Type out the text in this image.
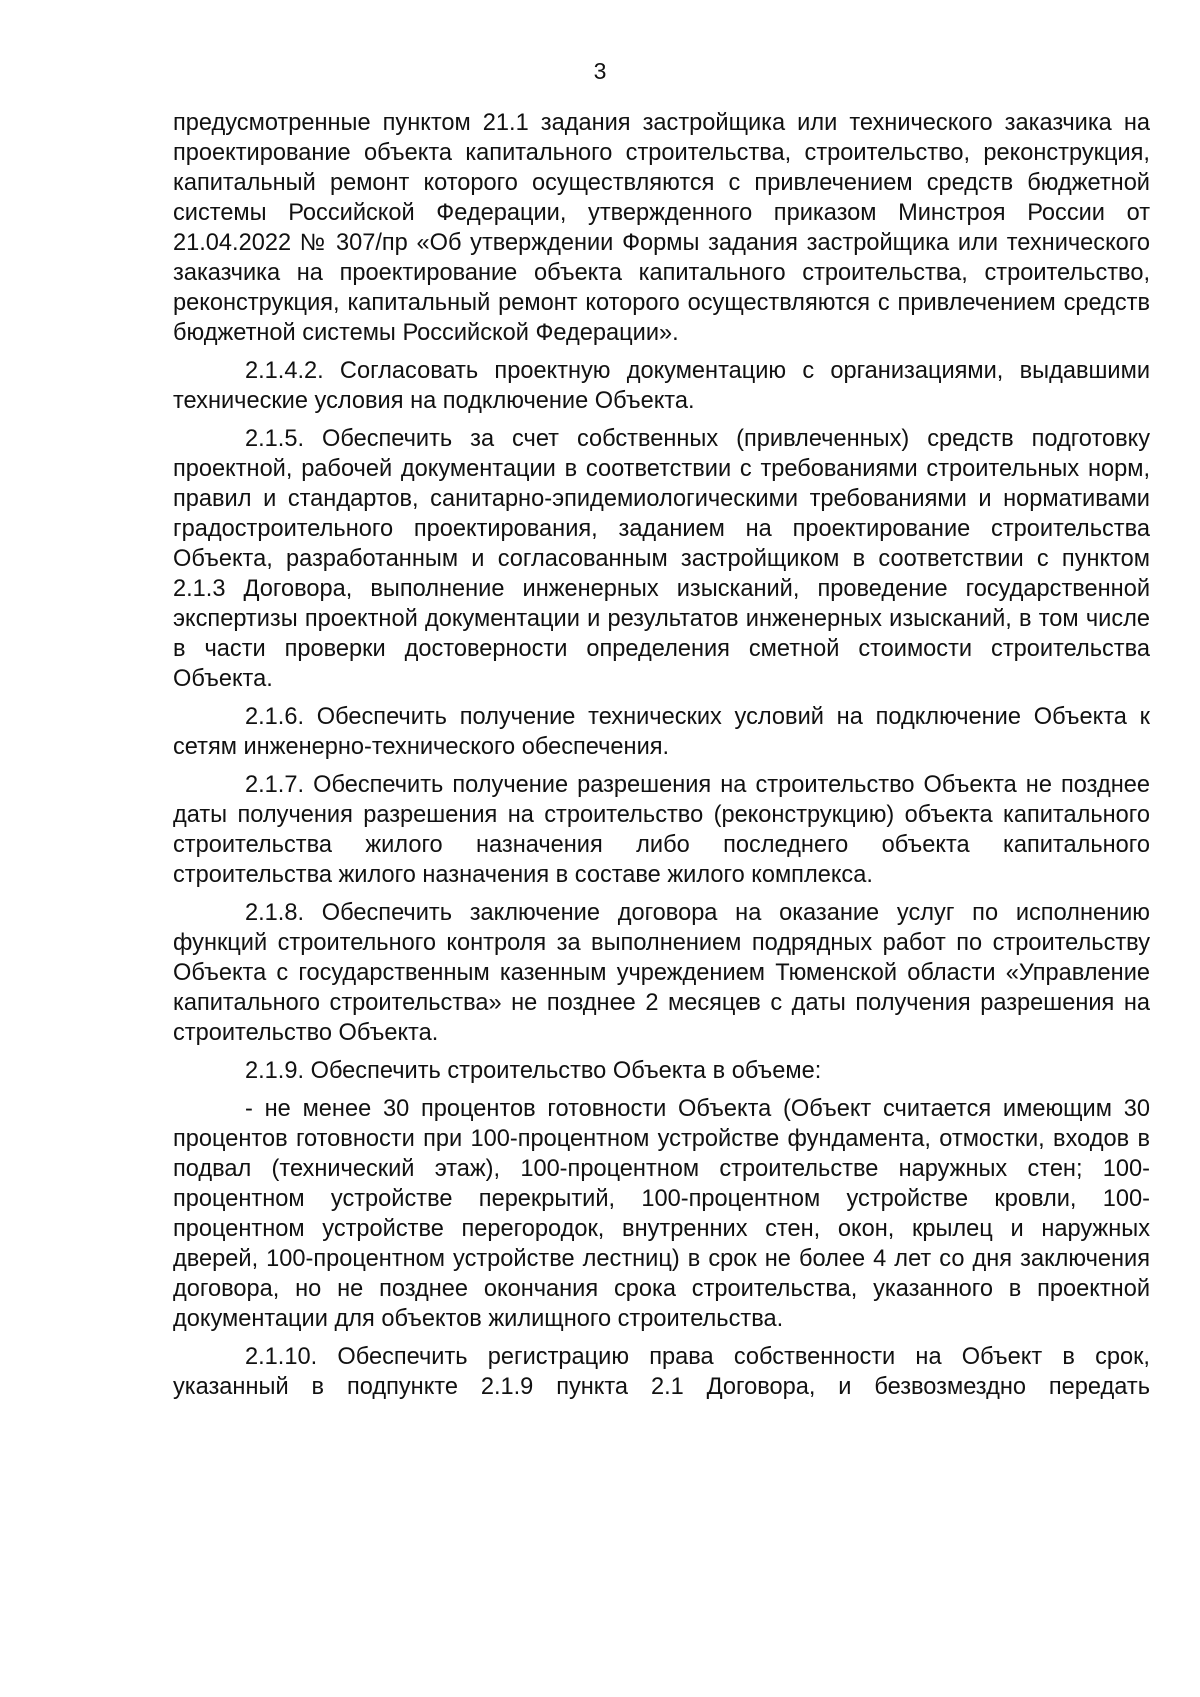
3

предусмотренные пунктом 21.1 задания застройщика или технического заказчика на проектирование объекта капитального строительства, строительство, реконструкция, капитальный ремонт которого осуществляются с привлечением средств бюджетной системы Российской Федерации, утвержденного приказом Минстроя России от 21.04.2022 № 307/пр «Об утверждении Формы задания застройщика или технического заказчика на проектирование объекта капитального строительства, строительство, реконструкция, капитальный ремонт которого осуществляются с привлечением средств бюджетной системы Российской Федерации».

2.1.4.2. Согласовать проектную документацию с организациями, выдавшими технические условия на подключение Объекта.

2.1.5. Обеспечить за счет собственных (привлеченных) средств подготовку проектной, рабочей документации в соответствии с требованиями строительных норм, правил и стандартов, санитарно-эпидемиологическими требованиями и нормативами градостроительного проектирования, заданием на проектирование строительства Объекта, разработанным и согласованным застройщиком в соответствии с пунктом 2.1.3 Договора, выполнение инженерных изысканий, проведение государственной экспертизы проектной документации и результатов инженерных изысканий, в том числе в части проверки достоверности определения сметной стоимости строительства Объекта.

2.1.6. Обеспечить получение технических условий на подключение Объекта к сетям инженерно-технического обеспечения.

2.1.7. Обеспечить получение разрешения на строительство Объекта не позднее даты получения разрешения на строительство (реконструкцию) объекта капитального строительства жилого назначения либо последнего объекта капитального строительства жилого назначения в составе жилого комплекса.

2.1.8. Обеспечить заключение договора на оказание услуг по исполнению функций строительного контроля за выполнением подрядных работ по строительству Объекта с государственным казенным учреждением Тюменской области «Управление капитального строительства» не позднее 2 месяцев с даты получения разрешения на строительство Объекта.

2.1.9. Обеспечить строительство Объекта в объеме:

- не менее 30 процентов готовности Объекта (Объект считается имеющим 30 процентов готовности при 100-процентном устройстве фундамента, отмостки, входов в подвал (технический этаж), 100-процентном строительстве наружных стен; 100-процентном устройстве перекрытий, 100-процентном устройстве кровли, 100-процентном устройстве перегородок, внутренних стен, окон, крылец и наружных дверей, 100-процентном устройстве лестниц) в срок не более 4 лет со дня заключения договора, но не позднее окончания срока строительства, указанного в проектной документации для объектов жилищного строительства.

2.1.10. Обеспечить регистрацию права собственности на Объект в срок, указанный в подпункте 2.1.9 пункта 2.1 Договора, и безвозмездно передать
